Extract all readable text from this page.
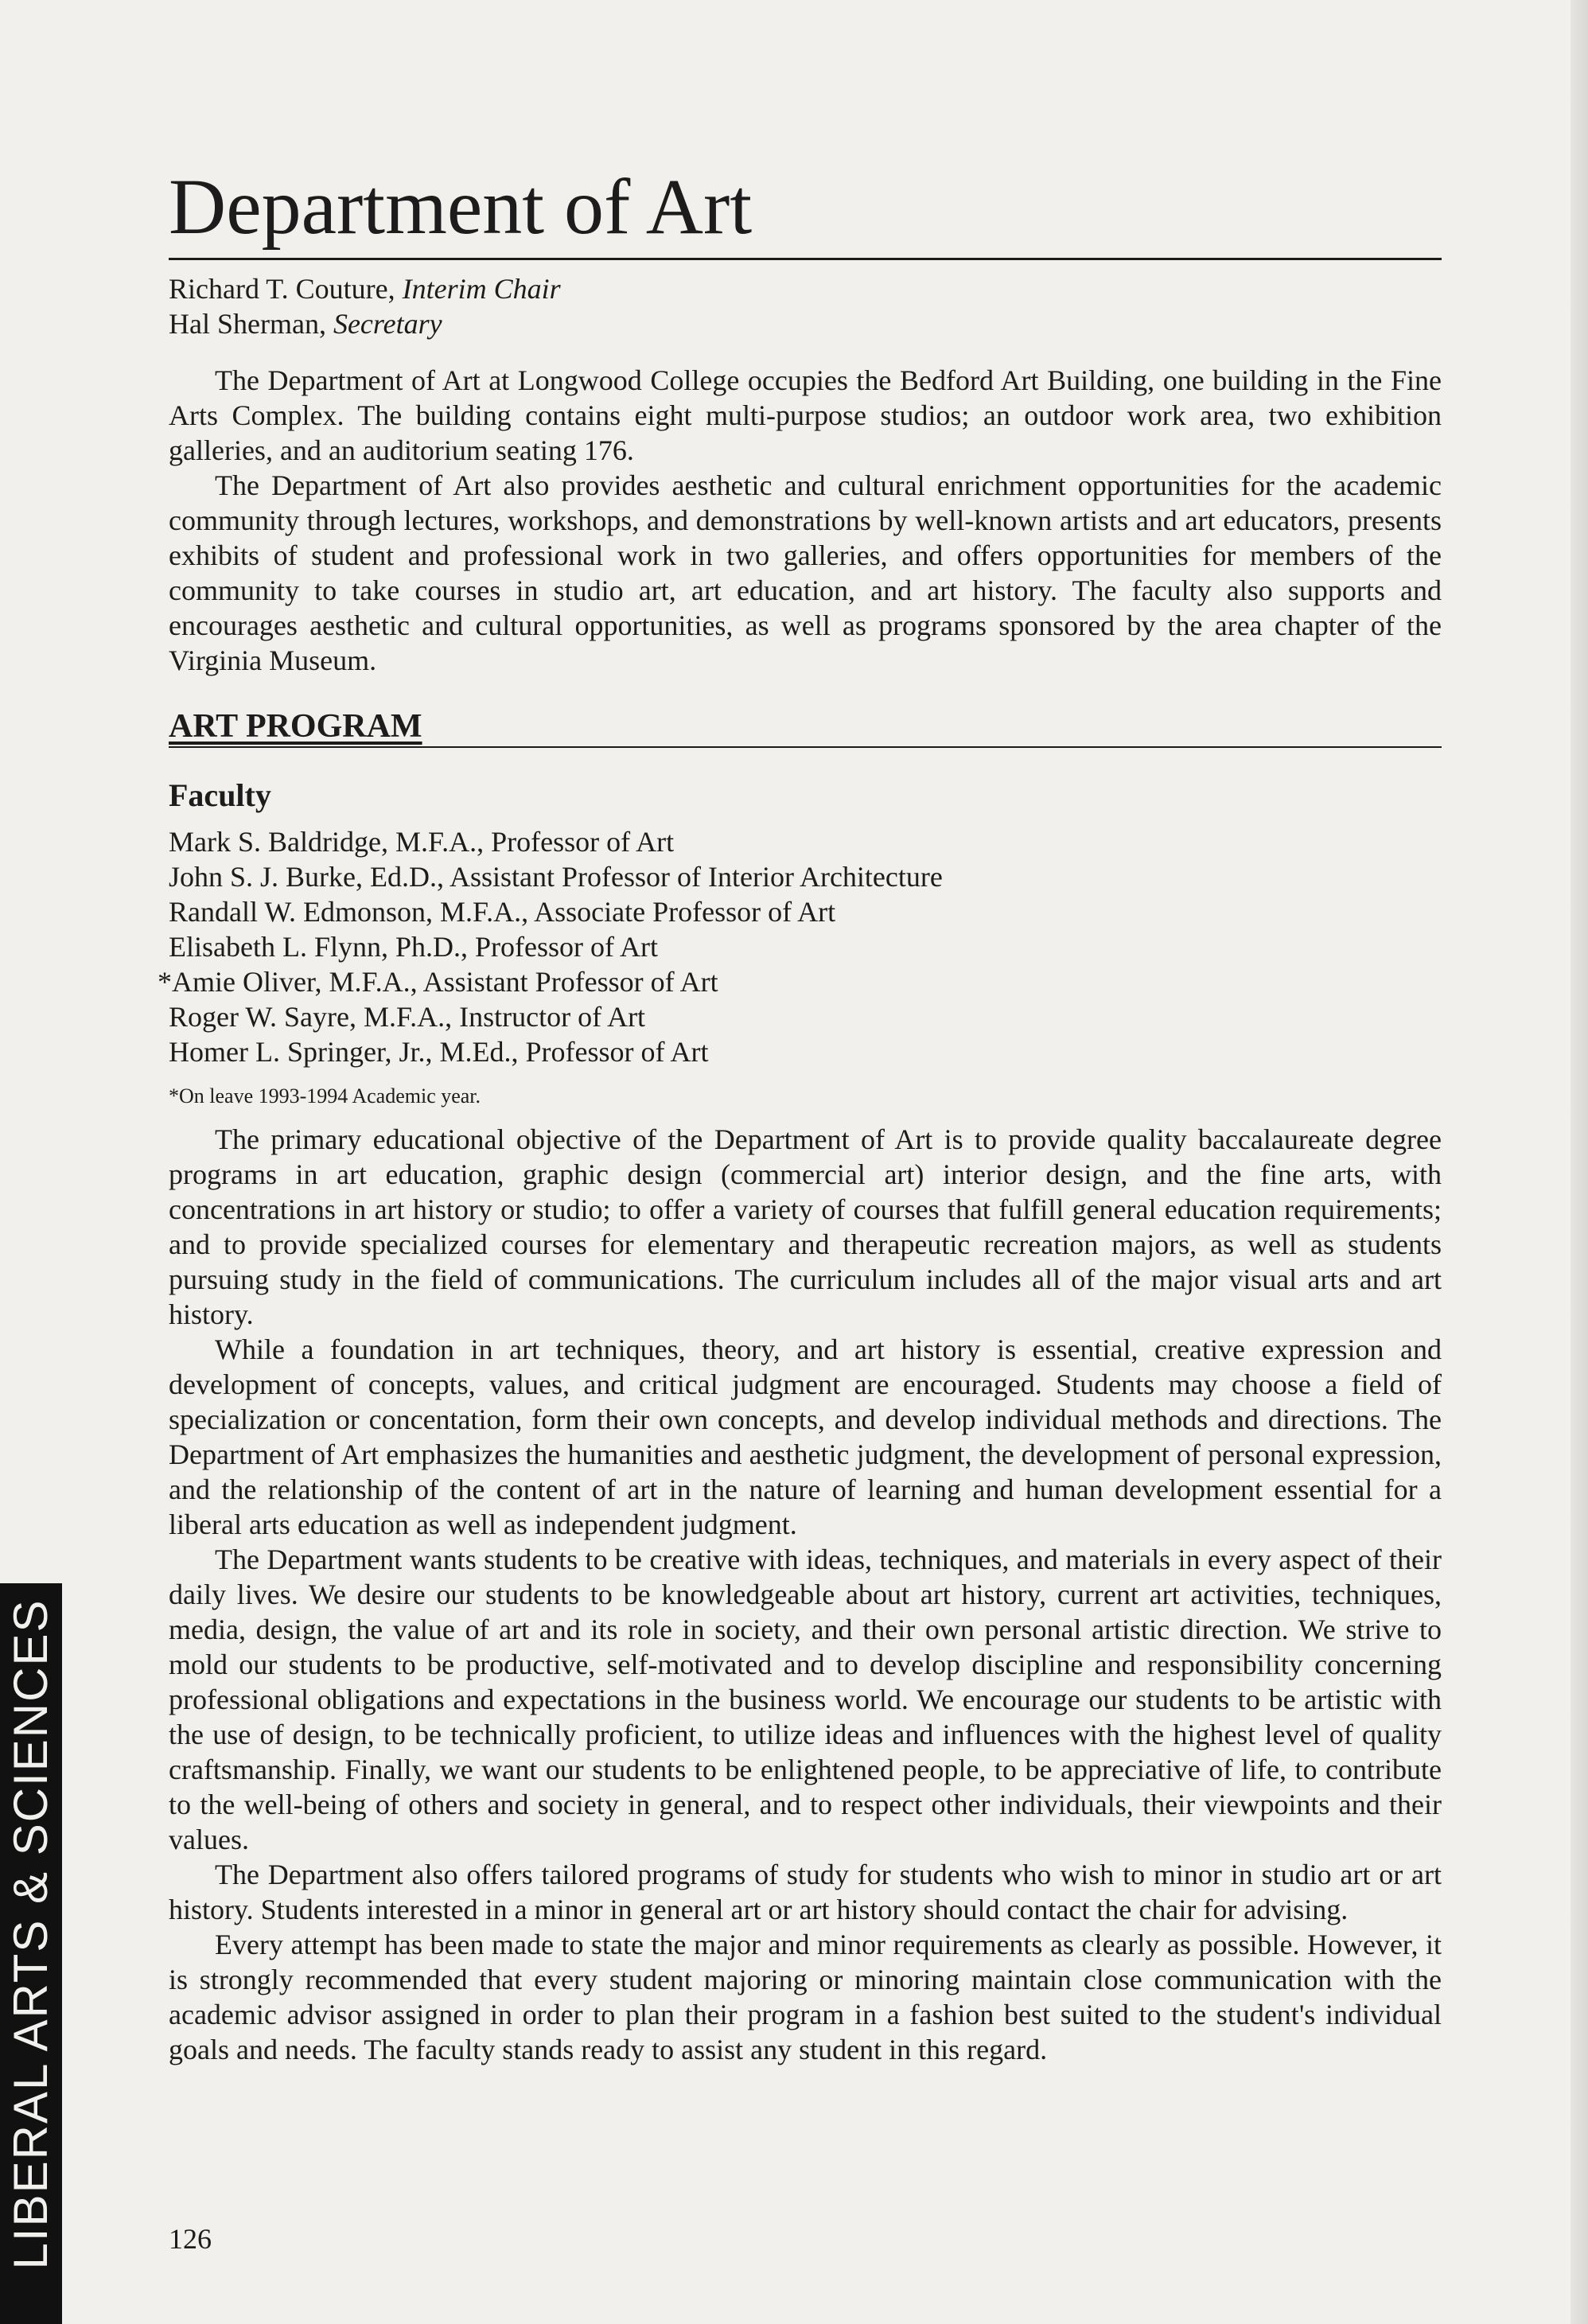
Department of Art
Richard T. Couture, Interim Chair
Hal Sherman, Secretary

The Department of Art at Longwood College occupies the Bedford Art Building, one building in the Fine Arts Complex. The building contains eight multi-purpose studios; an outdoor work area, two exhibition galleries, and an auditorium seating 176.

The Department of Art also provides aesthetic and cultural enrichment opportunities for the academic community through lectures, workshops, and demonstrations by well-known artists and art educators, presents exhibits of student and professional work in two galleries, and offers opportunities for members of the community to take courses in studio art, art education, and art history. The faculty also supports and encourages aesthetic and cultural opportunities, as well as programs sponsored by the area chapter of the Virginia Museum.

ART PROGRAM
Faculty
Mark S. Baldridge, M.F.A., Professor of Art
John S. J. Burke, Ed.D., Assistant Professor of Interior Architecture
Randall W. Edmonson, M.F.A., Associate Professor of Art
Elisabeth L. Flynn, Ph.D., Professor of Art
*Amie Oliver, M.F.A., Assistant Professor of Art
Roger W. Sayre, M.F.A., Instructor of Art
Homer L. Springer, Jr., M.Ed., Professor of Art
*On leave 1993-1994 Academic year.

The primary educational objective of the Department of Art is to provide quality baccalaureate degree programs in art education, graphic design (commercial art) interior design, and the fine arts, with concentrations in art history or studio; to offer a variety of courses that fulfill general education requirements; and to provide specialized courses for elementary and therapeutic recreation majors, as well as students pursuing study in the field of communications. The curriculum includes all of the major visual arts and art history.

While a foundation in art techniques, theory, and art history is essential, creative expression and development of concepts, values, and critical judgment are encouraged. Students may choose a field of specialization or concentation, form their own concepts, and develop individual methods and directions. The Department of Art emphasizes the humanities and aesthetic judgment, the development of personal expression, and the relationship of the content of art in the nature of learning and human development essential for a liberal arts education as well as independent judgment.

The Department wants students to be creative with ideas, techniques, and materials in every aspect of their daily lives. We desire our students to be knowledgeable about art history, current art activities, techniques, media, design, the value of art and its role in society, and their own personal artistic direction. We strive to mold our students to be productive, self-motivated and to develop discipline and responsibility concerning professional obligations and expectations in the business world. We encourage our students to be artistic with the use of design, to be technically proficient, to utilize ideas and influences with the highest level of quality craftsmanship. Finally, we want our students to be enlightened people, to be appreciative of life, to contribute to the well-being of others and society in general, and to respect other individuals, their viewpoints and their values.

The Department also offers tailored programs of study for students who wish to minor in studio art or art history. Students interested in a minor in general art or art history should contact the chair for advising.

Every attempt has been made to state the major and minor requirements as clearly as possible. However, it is strongly recommended that every student majoring or minoring maintain close communication with the academic advisor assigned in order to plan their program in a fashion best suited to the student's individual goals and needs. The faculty stands ready to assist any student in this regard.

126
LIBERAL ARTS & SCIENCES
